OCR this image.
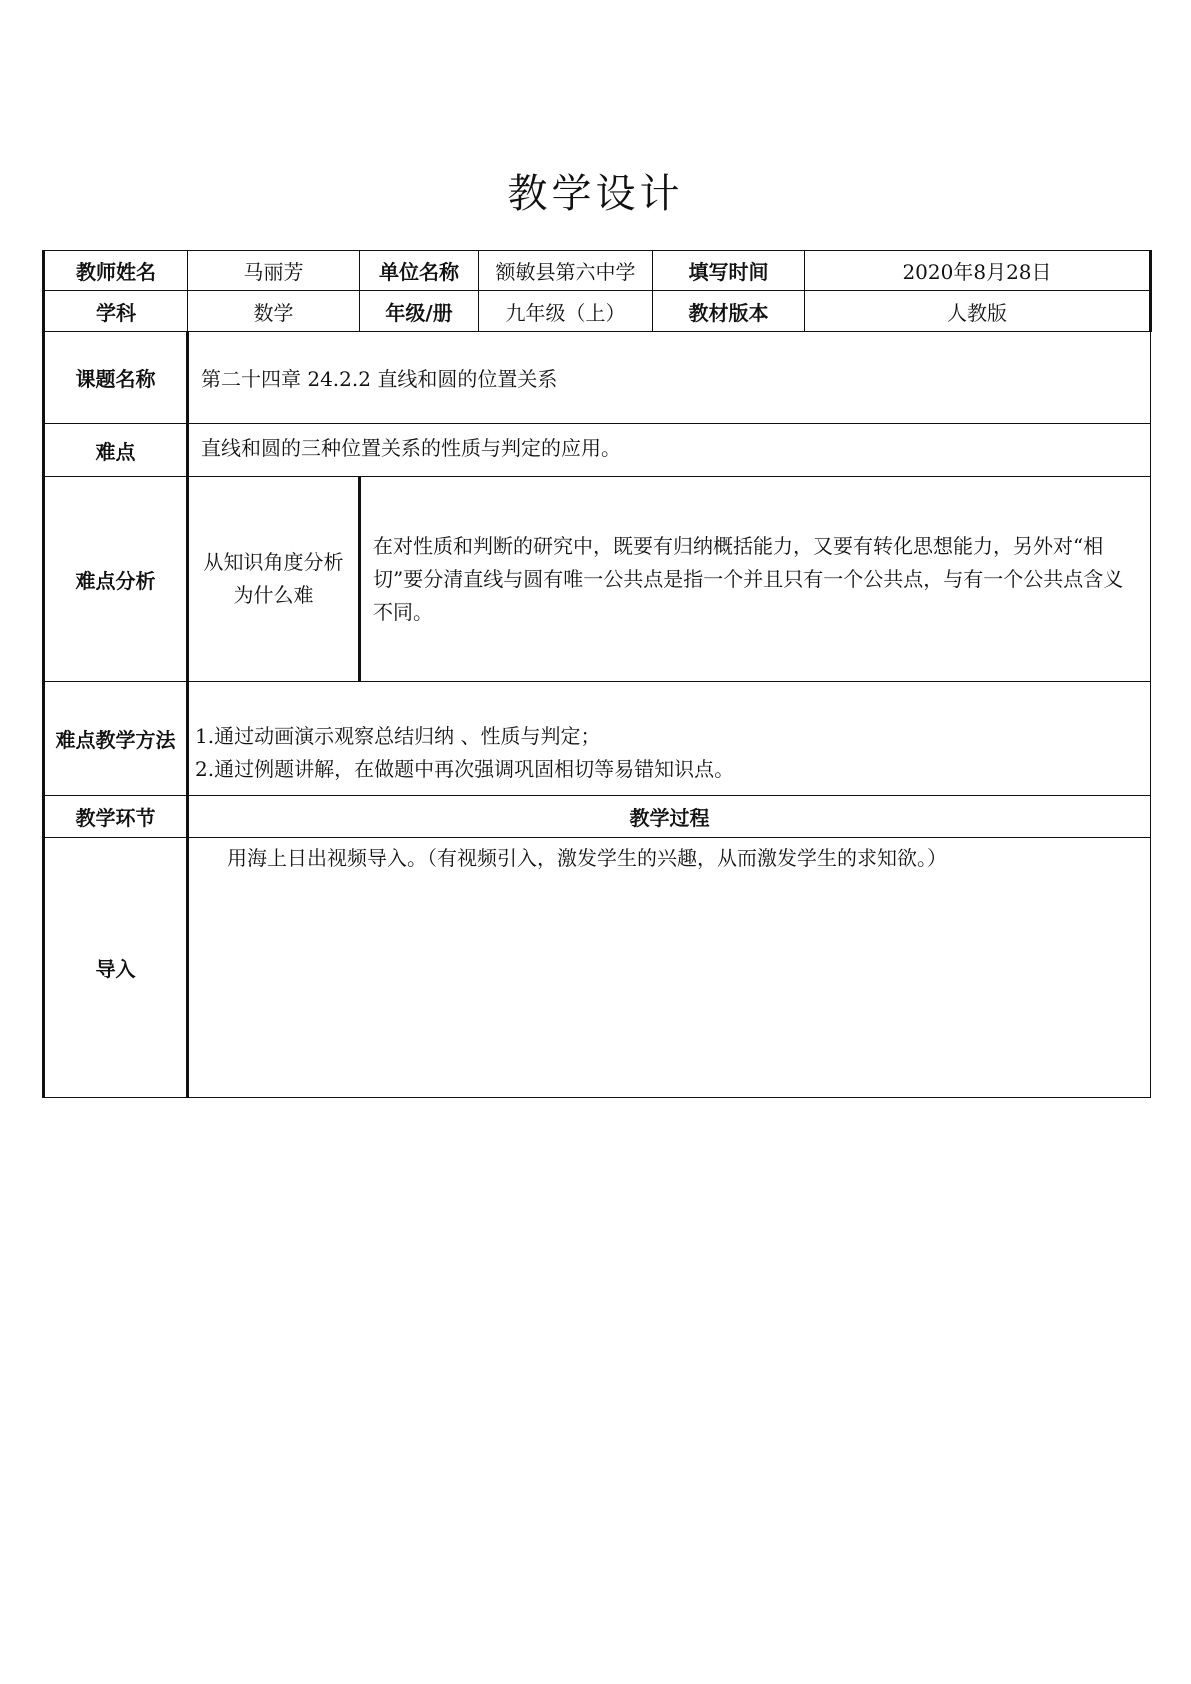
教学设计
教师姓名	马丽芳	单位名称	额敏县第六中学	填写时间	2020年8月28日
学科	数学	年级/册	九年级（上）	教材版本	人教版
课题名称	第二十四章 24.2.2 直线和圆的位置关系				
难点	直线和圆的三种位置关系的性质与判定的应用。				
难点分析	从知识角度分析为什么难	在对性质和判断的研究中，既要有归纳概括能力，又要有转化思想能力，另外对“相切”要分清直线与圆有唯一公共点是指一个并且只有一个公共点，与有一个公共点含义不同。			
难点教学方法	1.通过动画演示观察总结归纳 、性质与判定；
2.通过例题讲解，在做题中再次强调巩固相切等易错知识点。				

教学环节	教学过程				
导入	用海上日出视频导入。（有视频引入，激发学生的兴趣，从而激发学生的求知欲。）				
